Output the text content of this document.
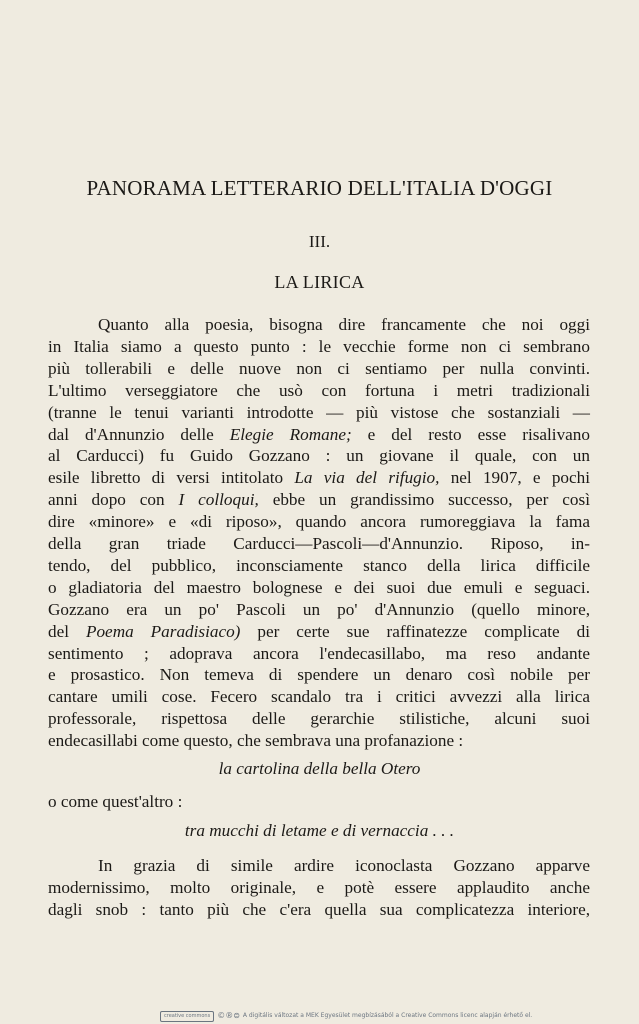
PANORAMA LETTERARIO DELL'ITALIA D'OGGI
III.
LA LIRICA
Quanto alla poesia, bisogna dire francamente che noi oggi
in Italia siamo a questo punto : le vecchie forme non ci sembrano
più tollerabili e delle nuove non ci sentiamo per nulla convinti.
L'ultimo verseggiatore che usò con fortuna i metri tradizionali
(tranne le tenui varianti introdotte — più vistose che sostanziali —
dal d'Annunzio delle Elegie Romane; e del resto esse risalivano
al Carducci) fu Guido Gozzano : un giovane il quale, con un
esile libretto di versi intitolato La via del rifugio, nel 1907, e pochi
anni dopo con I colloqui, ebbe un grandissimo successo, per così
dire «minore» e «di riposo», quando ancora rumoreggiava la fama
della gran triade Carducci—Pascoli—d'Annunzio. Riposo, in-
tendo, del pubblico, inconsciamente stanco della lirica difficile
o gladiatoria del maestro bolognese e dei suoi due emuli e seguaci.
Gozzano era un po' Pascoli un po' d'Annunzio (quello minore,
del Poema Paradisiaco) per certe sue raffinatezze complicate di
sentimento ; adoprava ancora l'endecasillabo, ma reso andante
e prosastico. Non temeva di spendere un denaro così nobile per
cantare umili cose. Fecero scandalo tra i critici avvezzi alla lirica
professorale, rispettosa delle gerarchie stilistiche, alcuni suoi
endecasillabi come questo, che sembrava una profanazione :
la cartolina della bella Otero
o come quest'altro :
tra mucchi di letame e di vernaccia . . .
In grazia di simile ardire iconoclasta Gozzano apparve
modernissimo, molto originale, e potè essere applaudito anche
dagli snob : tanto più che c'era quella sua complicatezza interiore,
creative commons ©®⊜ A digitális változat a MEK Egyesület megbízásából a Creative Commons licenc alapján érhető el.
